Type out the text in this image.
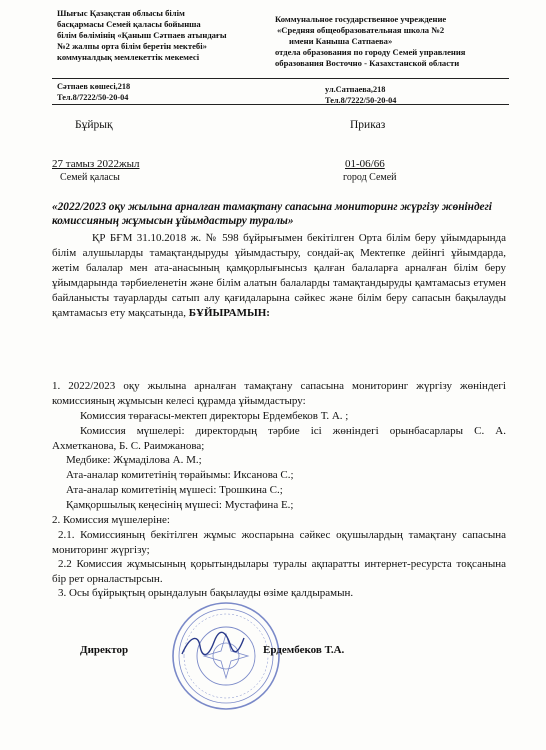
Шығыс Қазақстан облысы білім
басқармасы Семей қаласы бойынша
білім бөлімінің «Қаныш Сәтпаев атындағы
№2 жалпы орта білім беретін мектебі»
коммуналдық мемлекеттік мекемесі
Коммунальное государственное учреждение
«Средняя общеобразовательная школа №2
имени Каныша Сатпаева»
отдела образования по городу Семей управления
образования Восточно - Казахстанской области
Сәтпаев көшесі,218
Тел.8/7222/50-20-04
ул.Сатпаева,218
Тел.8/7222/50-20-04
Бұйрық	Приказ
27 тамыз 2022жыл	01-06/66
Семей қаласы	город Семей
«2022/2023 оқу жылына арналған тамақтану сапасына мониторинг жүргізу жөніндегі комиссияның жұмысын ұйымдастыру туралы»
ҚР БҒМ 31.10.2018 ж. № 598 бұйрығымен бекітілген Орта білім беру ұйымдарында білім алушыларды тамақтандыруды ұйымдастыру, сондай-ақ Мектепке дейінгі ұйымдарда, жетім балалар мен ата-анасының қамқорлығынсыз қалған балаларға арналған білім беру ұйымдарында тәрбиеленетін және білім алатын балаларды тамақтандыруды қамтамасыз етумен байланысты тауарларды сатып алу қағидаларына сәйкес және білім беру сапасын бақылауды қамтамасыз ету мақсатында, БҰЙЫРАМЫН:
1. 2022/2023 оқу жылына арналған тамақтану сапасына мониторинг жүргізу жөніндегі комиссияның жұмысын келесі құрамда ұйымдастыру:
Комиссия төрағасы-мектеп директоры Ердембеков Т. А. ;
Комиссия мүшелері: директордың тәрбие ісі жөніндегі орынбасарлары С. А. Ахметканова, Б. С. Раимжанова;
Медбике: Жұмаділова А. М.;
Ата-аналар комитетінің төрайымы: Иксанова С.;
Ата-аналар комитетінің мүшесі: Трошкина С.;
Қамқоршылық кеңесінің мүшесі: Мустафина Е.;
2. Комиссия мүшелеріне:
2.1. Комиссияның бекітілген жұмыс жоспарына сәйкес оқушылардың тамақтану сапасына мониторинг жүргізу;
2.2 Комиссия жұмысының қорытындылары туралы ақпаратты интернет-ресурста тоқсанына бір рет орналастырсын.
3. Осы бұйрықтың орындалуын бақылауды өзіме қалдырамын.
Директор	Ердембеков Т.А.
